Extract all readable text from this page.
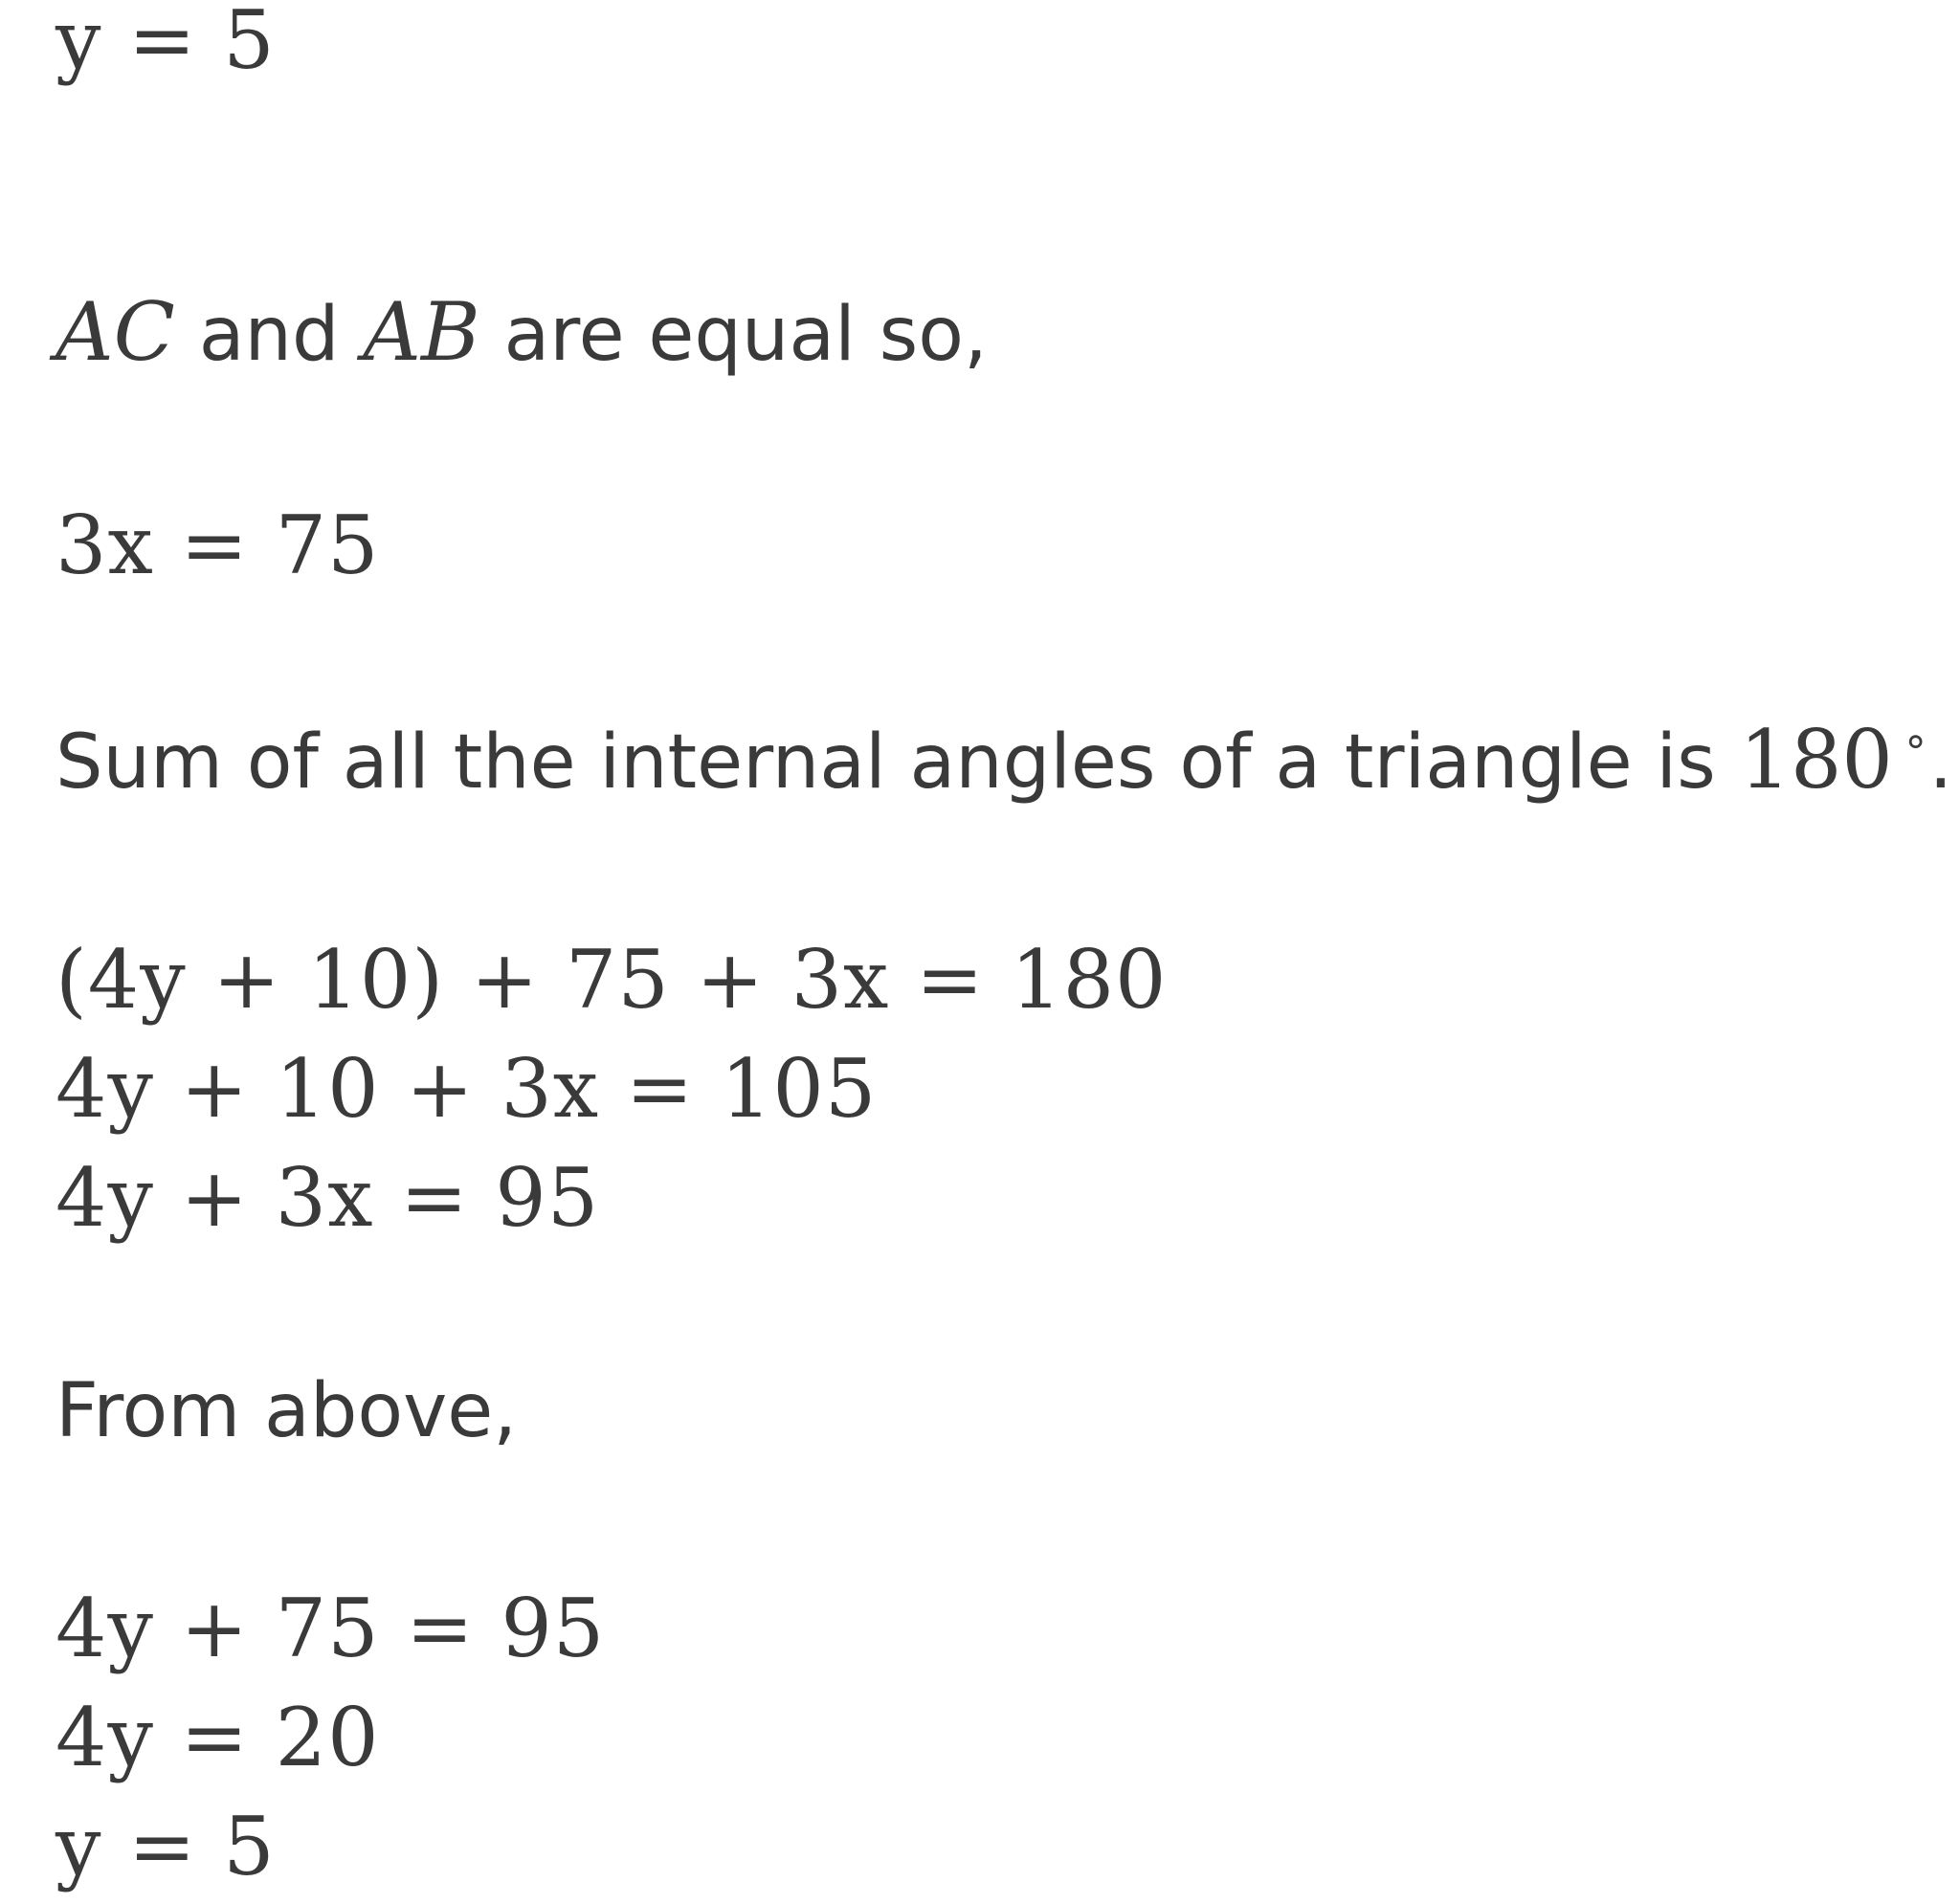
y = 5
AC and AB are equal so,
3x = 75
Sum of all the internal angles of a triangle is 180 ∘.
(4y + 10) + 75 + 3x = 180
4y + 10 + 3x = 105
4y + 3x = 95
From above,
4y + 75 = 95
4y = 20
y = 5
